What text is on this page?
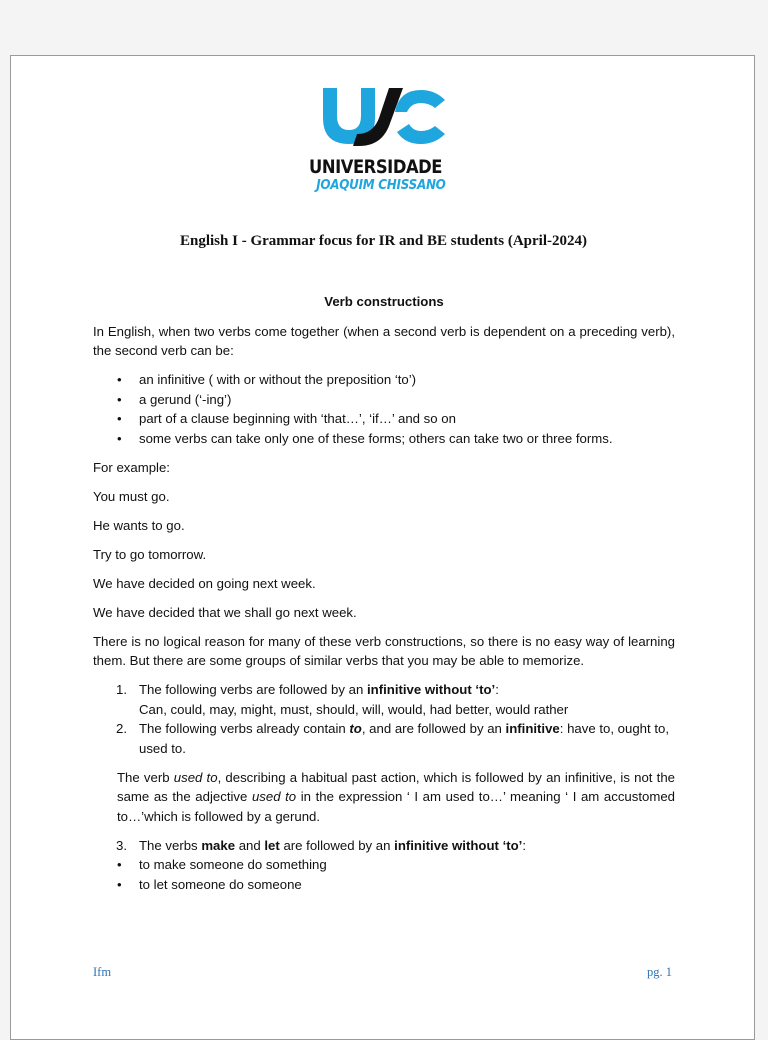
UNIVERSIDADE
JOAQUIM CHISSANO
English I - Grammar focus for IR and BE students (April-2024)
Verb constructions

In English, when two verbs come together (when a second verb is dependent on a preceding verb), the second verb can be:

• an infinitive ( with or without the preposition ‘to’)
• a gerund (‘-ing’)
• part of a clause beginning with ‘that…’, ‘if…’ and so on
• some verbs can take only one of these forms; others can take two or three forms.

For example:

You must go.

He wants to go.

Try to go tomorrow.

We have decided on going next week.

We have decided that we shall go next week.

There is no logical reason for many of these verb constructions, so there is no easy way of learning them. But there are some groups of similar verbs that you may be able to memorize.

1. The following verbs are followed by an infinitive without ‘to’:
Can, could, may, might, must, should, will, would, had better, would rather
2. The following verbs already contain to, and are followed by an infinitive: have to, ought to, used to.

The verb used to, describing a habitual past action, which is followed by an infinitive, is not the same as the adjective used to in the expression ‘ I am used to…’ meaning ‘ I am accustomed to…’which is followed by a gerund.

3. The verbs make and let are followed by an infinitive without ‘to’:
• to make someone do something
• to let someone do someone
Ifm	pg. 1
